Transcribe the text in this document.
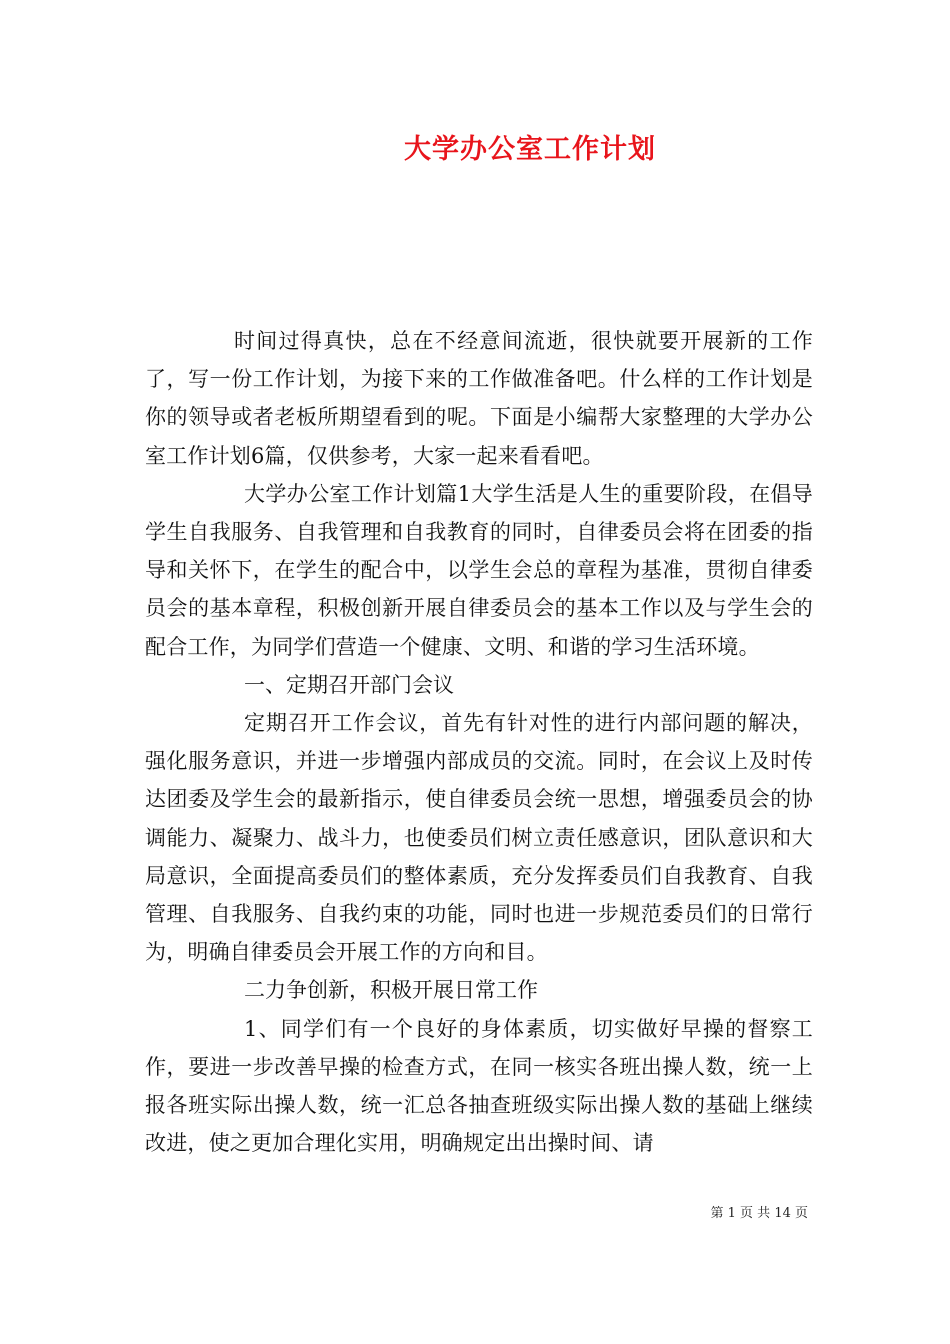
大学办公室工作计划

时间过得真快，总在不经意间流逝，很快就要开展新的工作了，写一份工作计划，为接下来的工作做准备吧。什么样的工作计划是你的领导或者老板所期望看到的呢。下面是小编帮大家整理的大学办公室工作计划6篇，仅供参考，大家一起来看看吧。

大学办公室工作计划篇1大学生活是人生的重要阶段，在倡导学生自我服务、自我管理和自我教育的同时，自律委员会将在团委的指导和关怀下，在学生的配合中，以学生会总的章程为基准，贯彻自律委员会的基本章程，积极创新开展自律委员会的基本工作以及与学生会的配合工作，为同学们营造一个健康、文明、和谐的学习生活环境。

一、定期召开部门会议

定期召开工作会议，首先有针对性的进行内部问题的解决，强化服务意识，并进一步增强内部成员的交流。同时，在会议上及时传达团委及学生会的最新指示，使自律委员会统一思想，增强委员会的协调能力、凝聚力、战斗力，也使委员们树立责任感意识，团队意识和大局意识，全面提高委员们的整体素质，充分发挥委员们自我教育、自我管理、自我服务、自我约束的功能，同时也进一步规范委员们的日常行为，明确自律委员会开展工作的方向和目。

二力争创新，积极开展日常工作

1、同学们有一个良好的身体素质，切实做好早操的督察工作，要进一步改善早操的检查方式，在同一核实各班出操人数，统一上报各班实际出操人数，统一汇总各抽查班级实际出操人数的基础上继续改进，使之更加合理化实用，明确规定出出操时间、请

第 1 页 共 14 页
